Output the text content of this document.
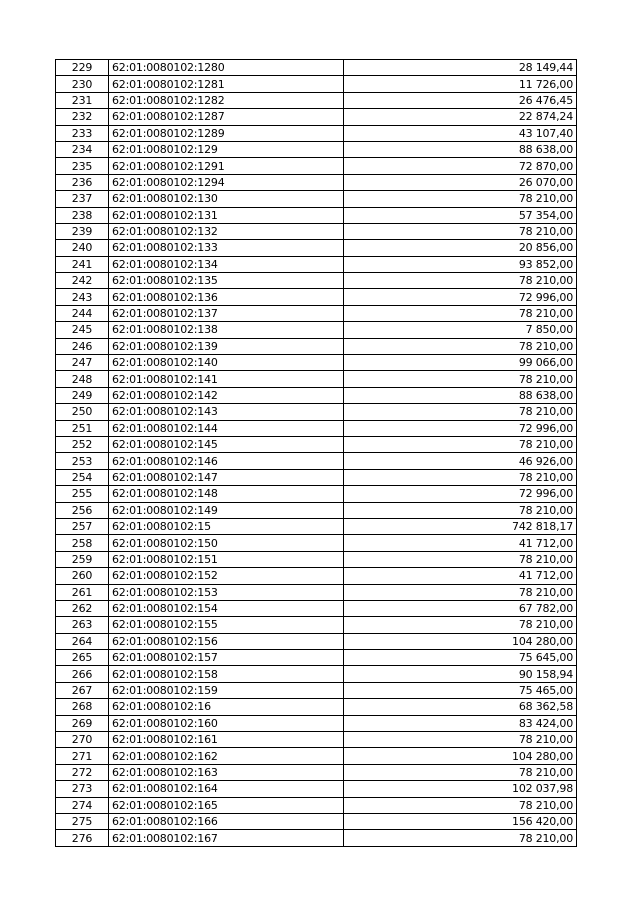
229	62:01:0080102:1280	28 149,44
230	62:01:0080102:1281	11 726,00
231	62:01:0080102:1282	26 476,45
232	62:01:0080102:1287	22 874,24
233	62:01:0080102:1289	43 107,40
234	62:01:0080102:129	88 638,00
235	62:01:0080102:1291	72 870,00
236	62:01:0080102:1294	26 070,00
237	62:01:0080102:130	78 210,00
238	62:01:0080102:131	57 354,00
239	62:01:0080102:132	78 210,00
240	62:01:0080102:133	20 856,00
241	62:01:0080102:134	93 852,00
242	62:01:0080102:135	78 210,00
243	62:01:0080102:136	72 996,00
244	62:01:0080102:137	78 210,00
245	62:01:0080102:138	7 850,00
246	62:01:0080102:139	78 210,00
247	62:01:0080102:140	99 066,00
248	62:01:0080102:141	78 210,00
249	62:01:0080102:142	88 638,00
250	62:01:0080102:143	78 210,00
251	62:01:0080102:144	72 996,00
252	62:01:0080102:145	78 210,00
253	62:01:0080102:146	46 926,00
254	62:01:0080102:147	78 210,00
255	62:01:0080102:148	72 996,00
256	62:01:0080102:149	78 210,00
257	62:01:0080102:15	742 818,17
258	62:01:0080102:150	41 712,00
259	62:01:0080102:151	78 210,00
260	62:01:0080102:152	41 712,00
261	62:01:0080102:153	78 210,00
262	62:01:0080102:154	67 782,00
263	62:01:0080102:155	78 210,00
264	62:01:0080102:156	104 280,00
265	62:01:0080102:157	75 645,00
266	62:01:0080102:158	90 158,94
267	62:01:0080102:159	75 465,00
268	62:01:0080102:16	68 362,58
269	62:01:0080102:160	83 424,00
270	62:01:0080102:161	78 210,00
271	62:01:0080102:162	104 280,00
272	62:01:0080102:163	78 210,00
273	62:01:0080102:164	102 037,98
274	62:01:0080102:165	78 210,00
275	62:01:0080102:166	156 420,00
276	62:01:0080102:167	78 210,00
